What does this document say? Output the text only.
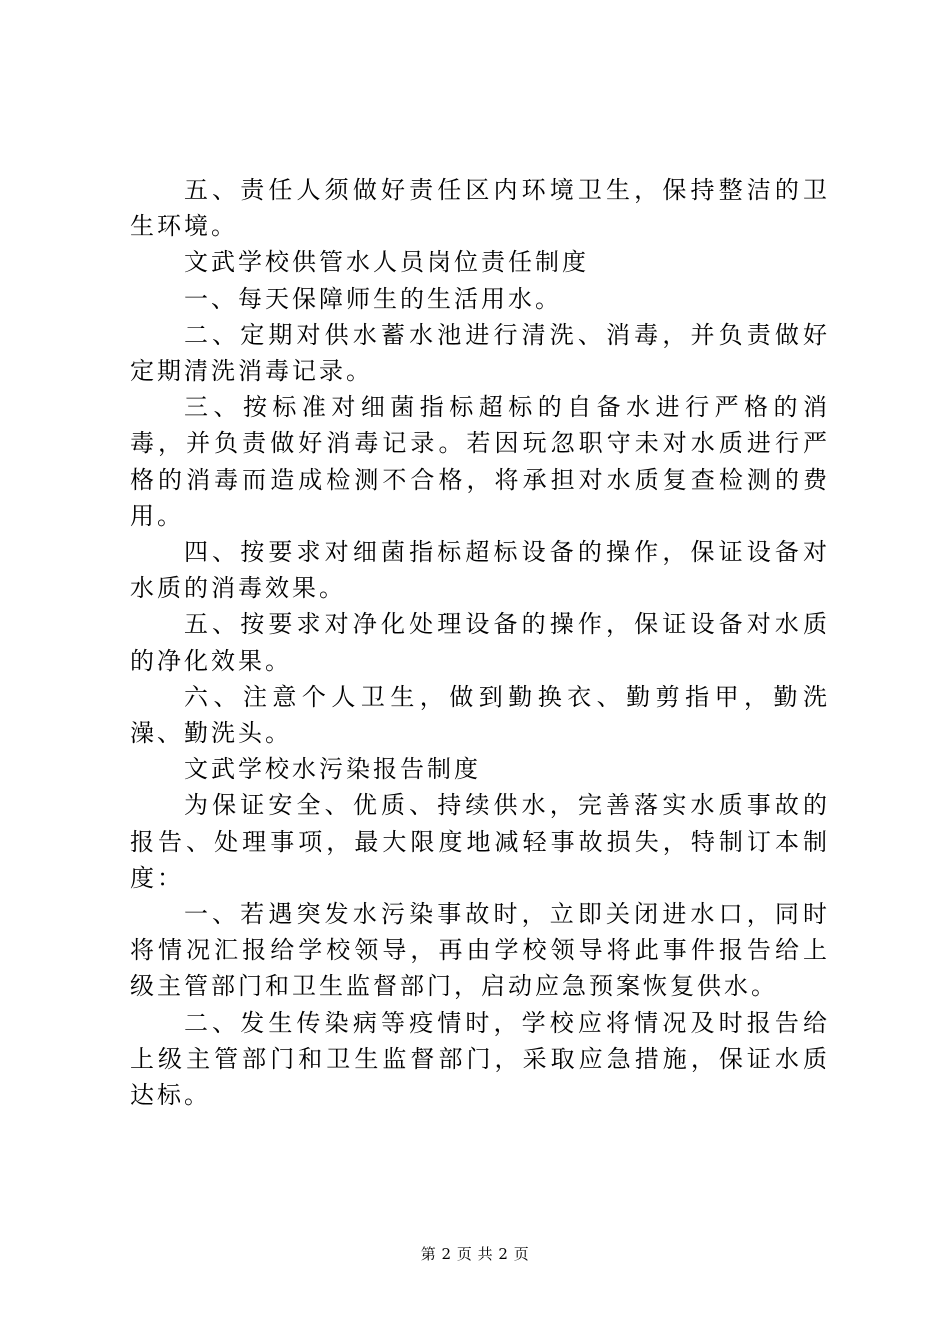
五、责任人须做好责任区内环境卫生，保持整洁的卫生环境。

文武学校供管水人员岗位责任制度

一、每天保障师生的生活用水。

二、定期对供水蓄水池进行清洗、消毒，并负责做好定期清洗消毒记录。

三、按标准对细菌指标超标的自备水进行严格的消毒，并负责做好消毒记录。若因玩忽职守未对水质进行严格的消毒而造成检测不合格，将承担对水质复查检测的费用。

四、按要求对细菌指标超标设备的操作，保证设备对水质的消毒效果。

五、按要求对净化处理设备的操作，保证设备对水质的净化效果。

六、注意个人卫生，做到勤换衣、勤剪指甲，勤洗澡、勤洗头。

文武学校水污染报告制度

为保证安全、优质、持续供水，完善落实水质事故的报告、处理事项，最大限度地减轻事故损失，特制订本制度：

一、若遇突发水污染事故时，立即关闭进水口，同时将情况汇报给学校领导，再由学校领导将此事件报告给上级主管部门和卫生监督部门，启动应急预案恢复供水。

二、发生传染病等疫情时，学校应将情况及时报告给上级主管部门和卫生监督部门，采取应急措施，保证水质达标。

第 2 页 共 2 页
